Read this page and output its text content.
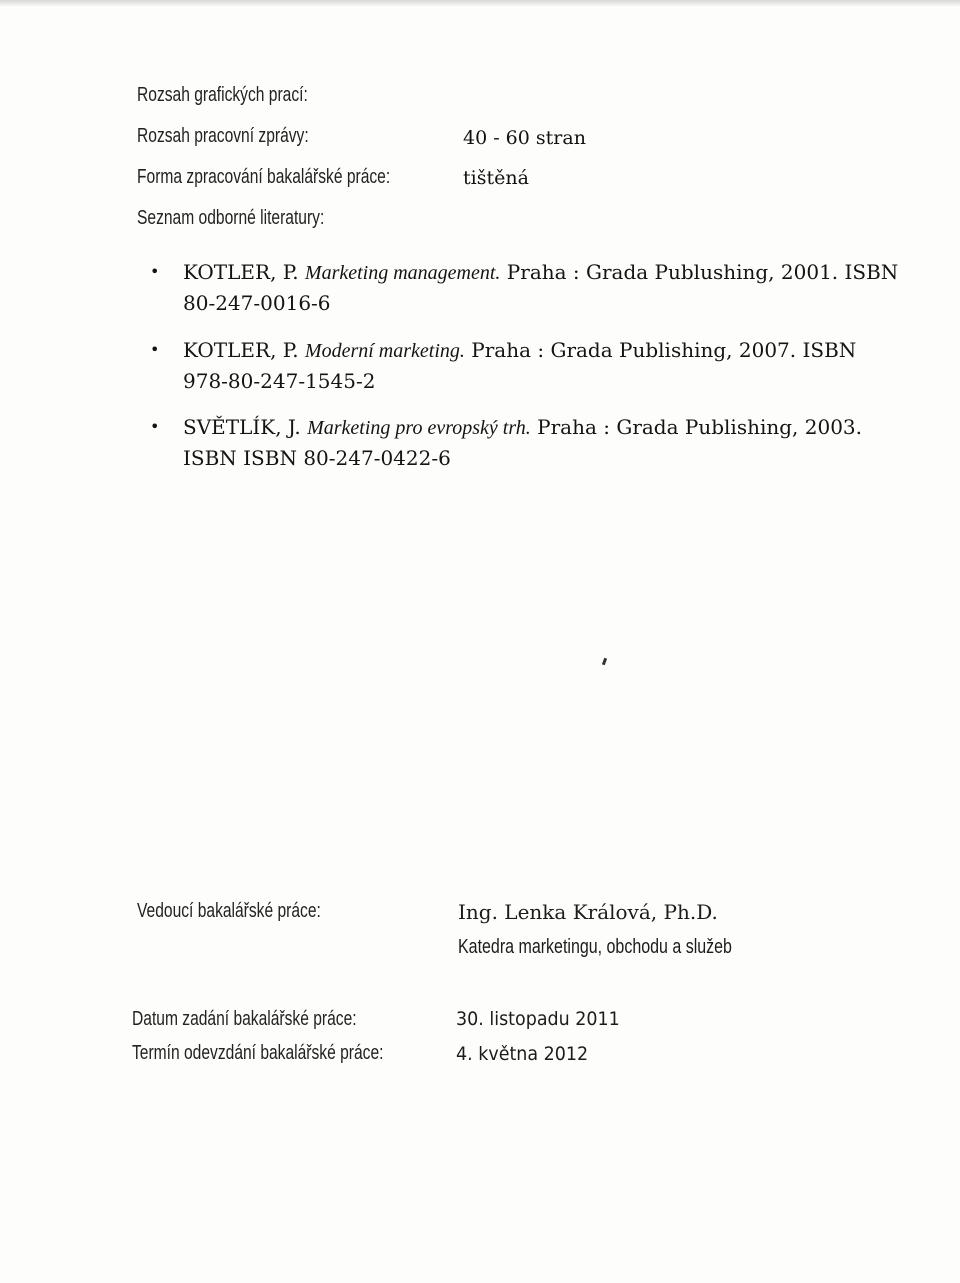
Rozsah grafických prací:
Rozsah pracovní zprávy:	40 - 60 stran
Forma zpracování bakalářské práce:	tištěná
Seznam odborné literatury:
• KOTLER, P. Marketing management. Praha : Grada Publushing, 2001. ISBN
80-247-0016-6
• KOTLER, P. Moderní marketing. Praha : Grada Publishing, 2007. ISBN
978-80-247-1545-2
• SVĚTLÍK, J. Marketing pro evropský trh. Praha : Grada Publishing, 2003.
ISBN ISBN 80-247-0422-6
Vedoucí bakalářské práce:	Ing. Lenka Králová, Ph.D.
Katedra marketingu, obchodu a služeb
Datum zadání bakalářské práce:	30. listopadu 2011
Termín odevzdání bakalářské práce:	4. května 2012
